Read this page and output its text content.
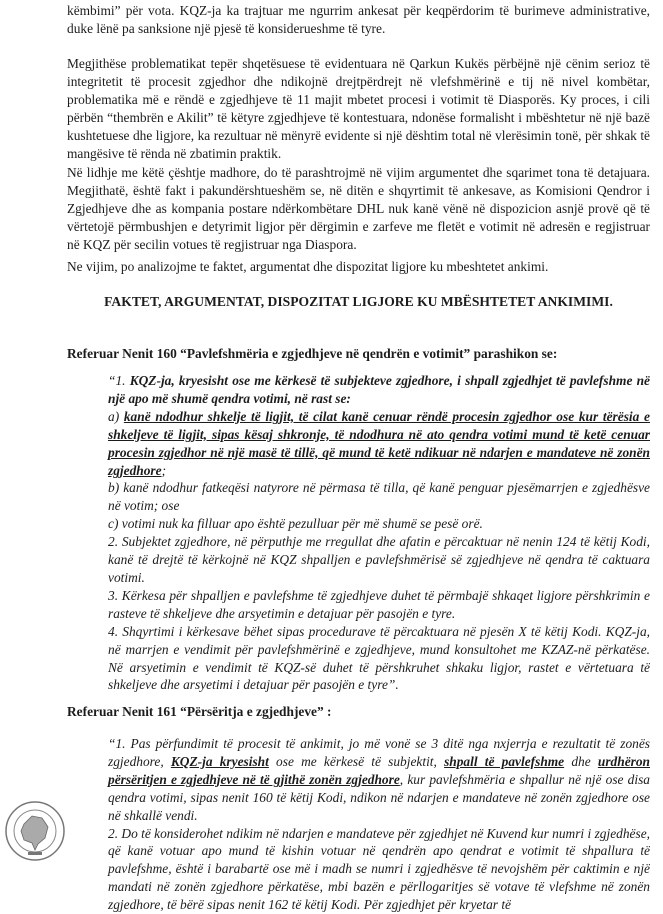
këmbimi” për vota. KQZ-ja ka trajtuar me ngurrim ankesat për keqpërdorim të burimeve administrative, duke lënë pa sanksione një pjesë të konsiderueshme të tyre.
Megjithëse problematikat tepër shqetësuese të evidentuara në Qarkun Kukës përbëjnë një cënim serioz të integritetit të procesit zgjedhor dhe ndikojnë drejtpërdrejt në vlefshmërinë e tij në nivel kombëtar, problematika më e rëndë e zgjedhjeve të 11 majit mbetet procesi i votimit të Diasporës. Ky proces, i cili përbën “thembrën e Akilit” të këtyre zgjedhjeve të kontestuara, ndonëse formalisht i mbështetur në një bazë kushtetuese dhe ligjore, ka rezultuar në mënyrë evidente si një dështim total në vlerësimin tonë, për shkak të mangësive të rënda në zbatimin praktik.
Në lidhje me këtë çështje madhore, do të parashtrojmë në vijim argumentet dhe sqarimet tona të detajuara. Megjithatë, është fakt i pakundërshtueshëm se, në ditën e shqyrtimit të ankesave, as Komisioni Qendror i Zgjedhjeve dhe as kompania postare ndërkombëtare DHL nuk kanë vënë në dispozicion asnjë provë që të vërtetojë përmbushjen e detyrimit ligjor për dërgimin e zarfeve me fletët e votimit në adresën e regjistruar në KQZ për secilin votues të regjistruar nga Diaspora.
Ne vijim, po analizojme te faktet, argumentat dhe dispozitat ligjore ku mbeshtetet ankimi.
FAKTET, ARGUMENTAT, DISPOZITAT LIGJORE KU MBËSHTETET ANKIMIMI.
Referuar Nenit 160 “Pavlefshmëria e zgjedhjeve në qendrën e votimit” parashikon se:
“1. KQZ-ja, kryesisht ose me kërkesë të subjekteve zgjedhore, i shpall zgjedhjet të pavlefshme në një apo më shumë qendra votimi, në rast se:
a) kanë ndodhur shkelje të ligjit, të cilat kanë cenuar rëndë procesin zgjedhor ose kur tërësia e shkeljeve të ligjit, sipas kësaj shkronje, të ndodhura në ato qendra votimi mund të ketë cenuar procesin zgjedhor në një masë të tillë, që mund të ketë ndikuar në ndarjen e mandateve në zonën zgjedhore;
b) kanë ndodhur fatkeqësi natyrore në përmasa të tilla, që kanë penguar pjesëmarrjen e zgjedhësve në votim; ose
c) votimi nuk ka filluar apo është pezulluar për më shumë se pesë orë.
2. Subjektet zgjedhore, në përputhje me rregullat dhe afatin e përcaktuar në nenin 124 të këtij Kodi, kanë të drejtë të kërkojnë në KQZ shpalljen e pavlefshmërisë së zgjedhjeve në qendra të caktuara votimi.
3. Kërkesa për shpalljen e pavlefshme të zgjedhjeve duhet të përmbajë shkaqet ligjore përshkrimin e rasteve të shkeljeve dhe arsyetimin e detajuar për pasojën e tyre.
4. Shqyrtimi i kërkesave bëhet sipas procedurave të përcaktuara në pjesën X të këtij Kodi. KQZ-ja, në marrjen e vendimit për pavlefshmërinë e zgjedhjeve, mund konsultohet me KZAZ-në përkatëse. Në arsyetimin e vendimit të KQZ-së duhet të përshkruhet shkaku ligjor, rastet e vërtetuara të shkeljeve dhe arsyetimi i detajuar për pasojën e tyre”.
Referuar Nenit 161 “Përsëritja e zgjedhjeve” :
“1. Pas përfundimit të procesit të ankimit, jo më vonë se 3 ditë nga nxjerrja e rezultatit të zonës zgjedhore, KQZ-ja kryesisht ose me kërkesë të subjektit, shpall të pavlefshme dhe urdhëron përsëritjen e zgjedhjeve në të gjithë zonën zgjedhore, kur pavlefshmëria e shpallur në një ose disa qendra votimi, sipas nenit 160 të këtij Kodi, ndikon në ndarjen e mandateve në zonën zgjedhore ose në shkallë vendi.
2. Do të konsiderohet ndikim në ndarjen e mandateve për zgjedhjet në Kuvend kur numri i zgjedhëse, që kanë votuar apo mund të kishin votuar në qendrën apo qendrat e votimit të shpallura të pavlefshme, është i barabartë ose më i madh se numri i zgjedhësve të nevojshëm për caktimin e një mandati në zonën zgjedhore përkatëse, mbi bazën e përllogaritjes së votave të vlefshme në zonën zgjedhore, të bërë sipas nenit 162 të këtij Kodi. Për zgjedhjet për kryetar të
